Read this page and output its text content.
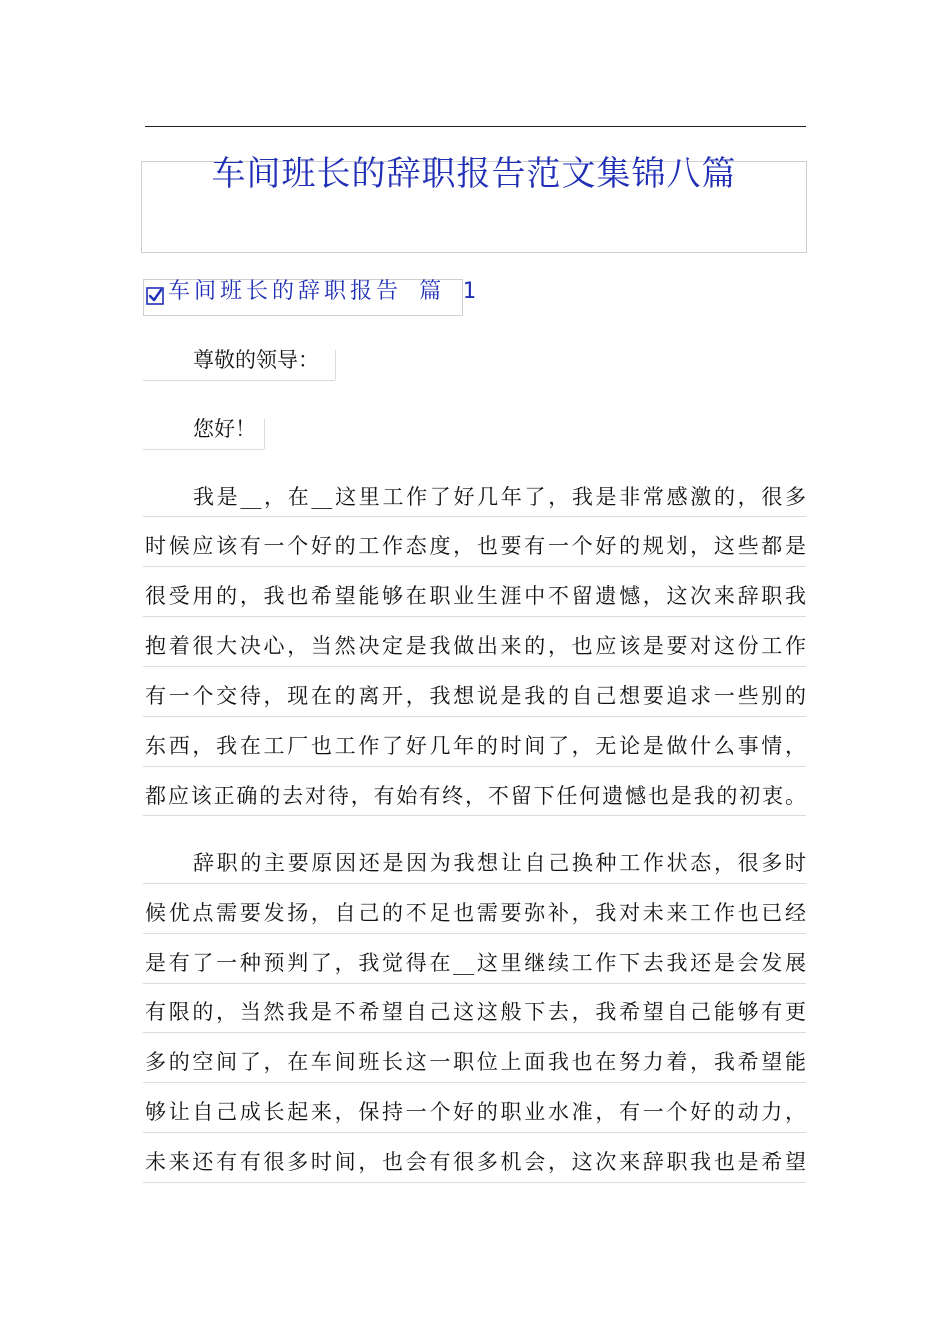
车间班长的辞职报告范文集锦八篇
车间班长的辞职报告 篇 1
尊敬的领导：
您好！
我是__，在__这里工作了好几年了，我是非常感激的，很多
时候应该有一个好的工作态度，也要有一个好的规划，这些都是
很受用的，我也希望能够在职业生涯中不留遗憾，这次来辞职我
抱着很大决心，当然决定是我做出来的，也应该是要对这份工作
有一个交待，现在的离开，我想说是我的自己想要追求一些别的
东西，我在工厂也工作了好几年的时间了，无论是做什么事情，
都应该正确的去对待，有始有终，不留下任何遗憾也是我的初衷。
辞职的主要原因还是因为我想让自己换种工作状态，很多时
候优点需要发扬，自己的不足也需要弥补，我对未来工作也已经
是有了一种预判了，我觉得在__这里继续工作下去我还是会发展
有限的，当然我是不希望自己这这般下去，我希望自己能够有更
多的空间了，在车间班长这一职位上面我也在努力着，我希望能
够让自己成长起来，保持一个好的职业水准，有一个好的动力，
未来还有有很多时间，也会有很多机会，这次来辞职我也是希望
